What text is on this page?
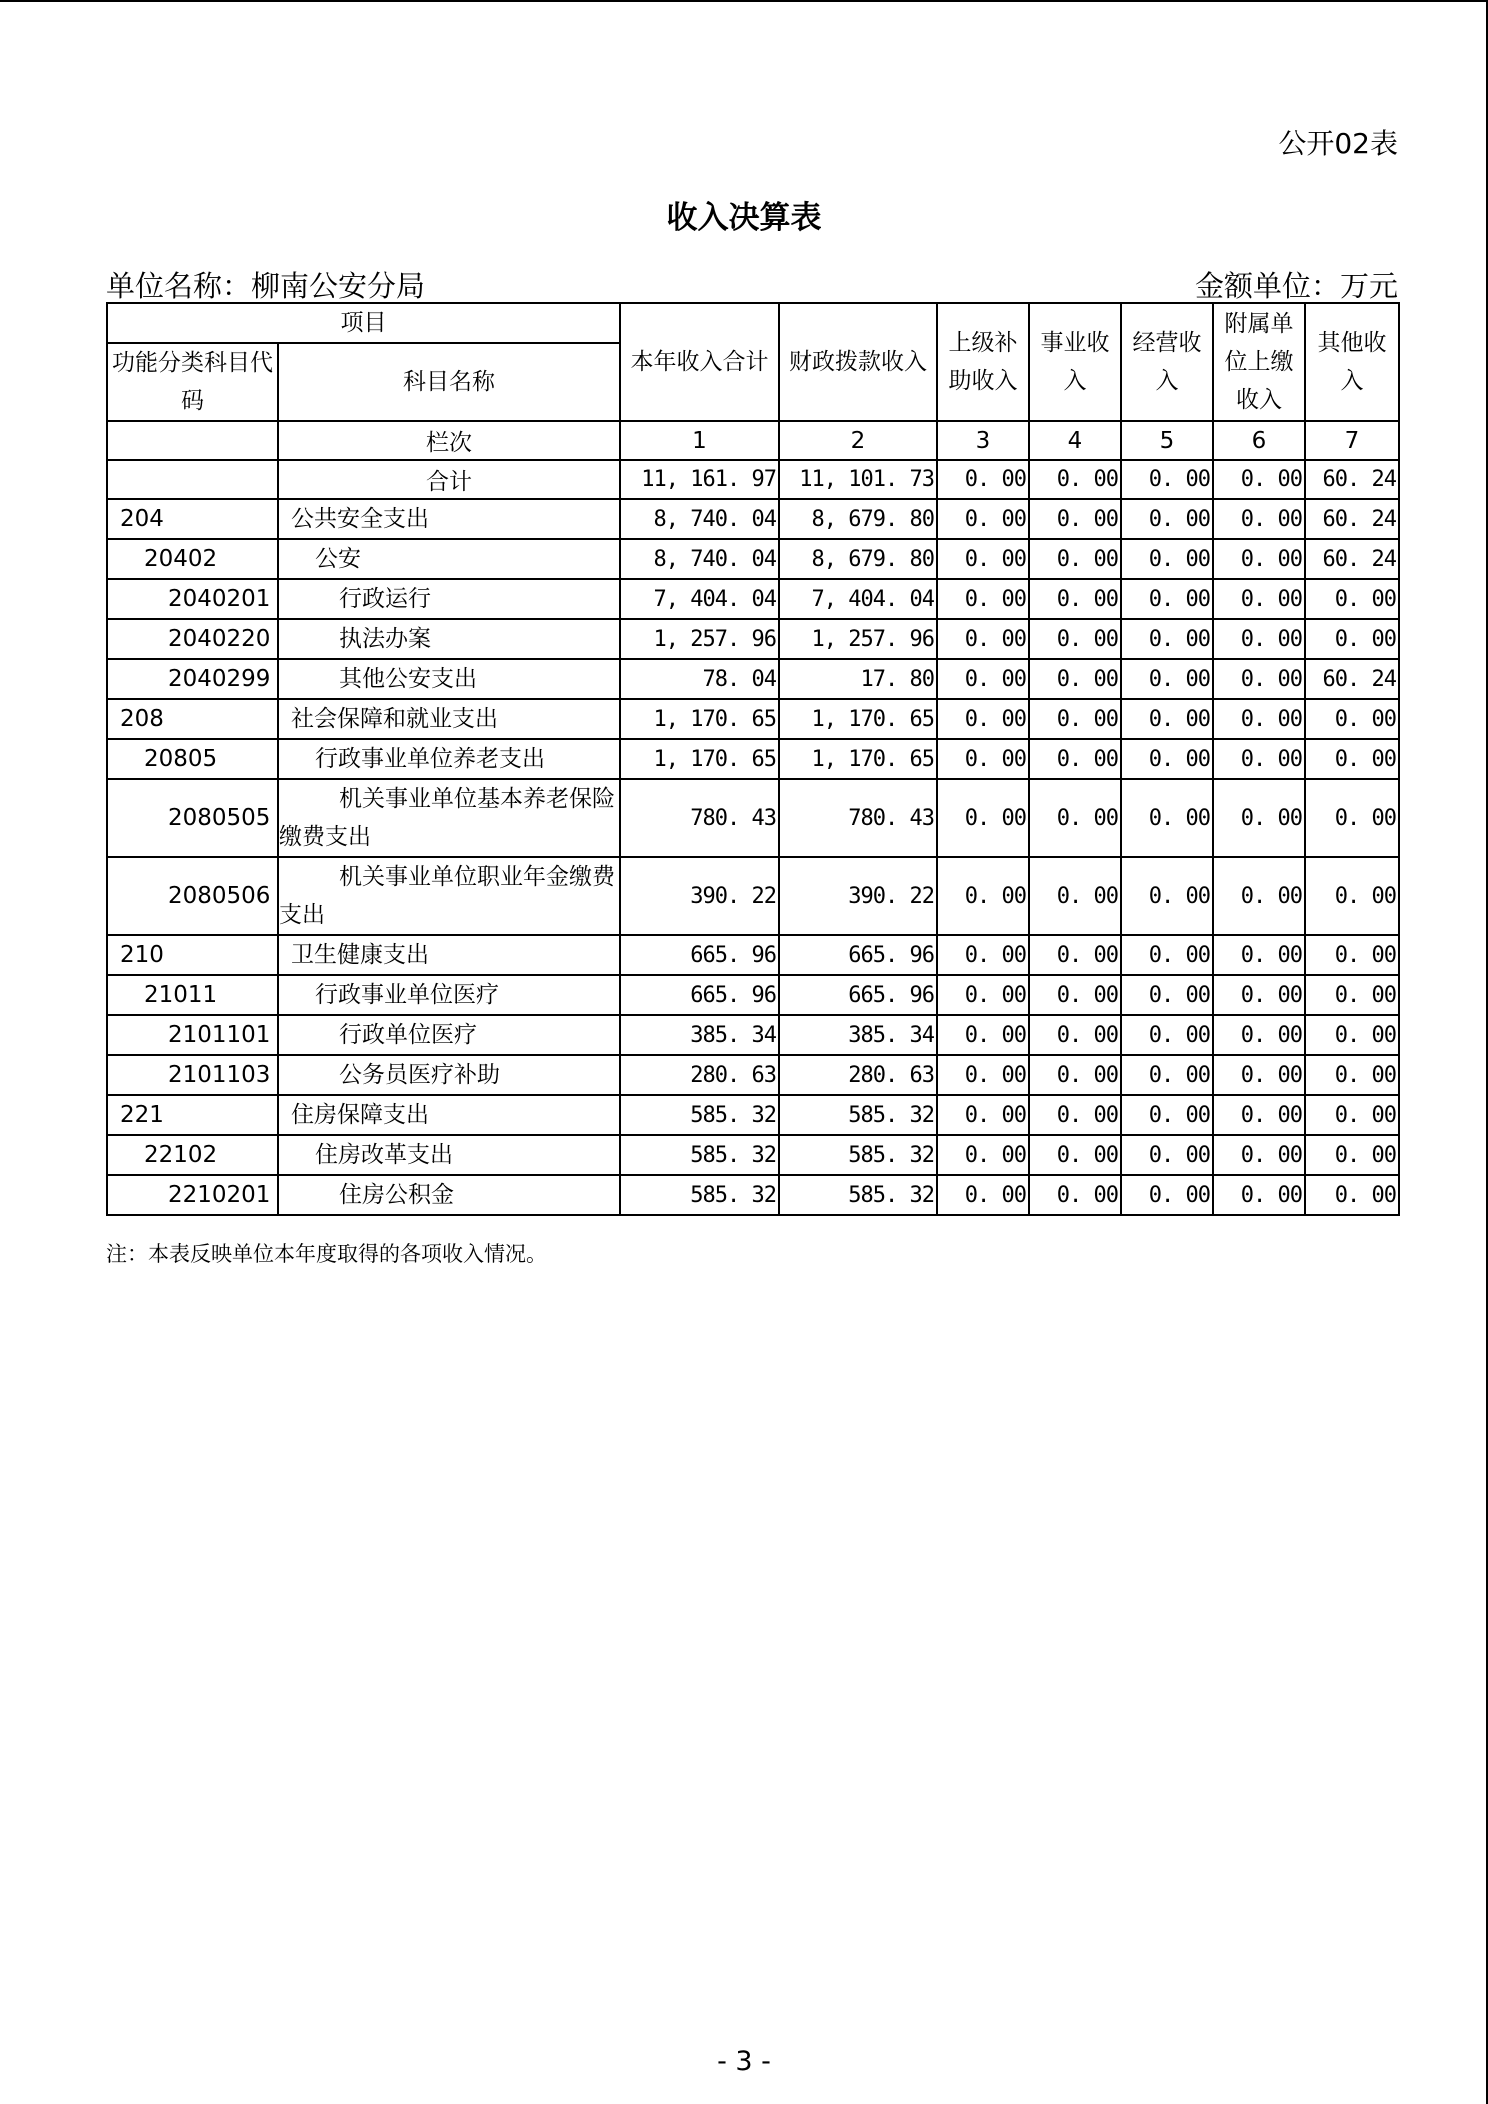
公开02表
收入决算表
单位名称：柳南公安分局	金额单位：万元
项目		本年收入合计	财政拨款收入	上级补助收入	事业收入	经营收入	附属单位上缴收入	其他收入
功能分类科目代码	科目名称							
	栏次	1	2	3	4	5	6	7
	合计	11, 161. 97	11, 101. 73	0. 00	0. 00	0. 00	0. 00	60. 24
204	公共安全支出	8, 740. 04	8, 679. 80	0. 00	0. 00	0. 00	0. 00	60. 24
20402	公安	8, 740. 04	8, 679. 80	0. 00	0. 00	0. 00	0. 00	60. 24
2040201	行政运行	7, 404. 04	7, 404. 04	0. 00	0. 00	0. 00	0. 00	0. 00
2040220	执法办案	1, 257. 96	1, 257. 96	0. 00	0. 00	0. 00	0. 00	0. 00
2040299	其他公安支出	78. 04	17. 80	0. 00	0. 00	0. 00	0. 00	60. 24
208	社会保障和就业支出	1, 170. 65	1, 170. 65	0. 00	0. 00	0. 00	0. 00	0. 00
20805	行政事业单位养老支出	1, 170. 65	1, 170. 65	0. 00	0. 00	0. 00	0. 00	0. 00
2080505	机关事业单位基本养老保险缴费支出	780. 43	780. 43	0. 00	0. 00	0. 00	0. 00	0. 00
2080506	机关事业单位职业年金缴费支出	390. 22	390. 22	0. 00	0. 00	0. 00	0. 00	0. 00
210	卫生健康支出	665. 96	665. 96	0. 00	0. 00	0. 00	0. 00	0. 00
21011	行政事业单位医疗	665. 96	665. 96	0. 00	0. 00	0. 00	0. 00	0. 00
2101101	行政单位医疗	385. 34	385. 34	0. 00	0. 00	0. 00	0. 00	0. 00
2101103	公务员医疗补助	280. 63	280. 63	0. 00	0. 00	0. 00	0. 00	0. 00
221	住房保障支出	585. 32	585. 32	0. 00	0. 00	0. 00	0. 00	0. 00
22102	住房改革支出	585. 32	585. 32	0. 00	0. 00	0. 00	0. 00	0. 00
2210201	住房公积金	585. 32	585. 32	0. 00	0. 00	0. 00	0. 00	0. 00
注：本表反映单位本年度取得的各项收入情况。
- 3 -
